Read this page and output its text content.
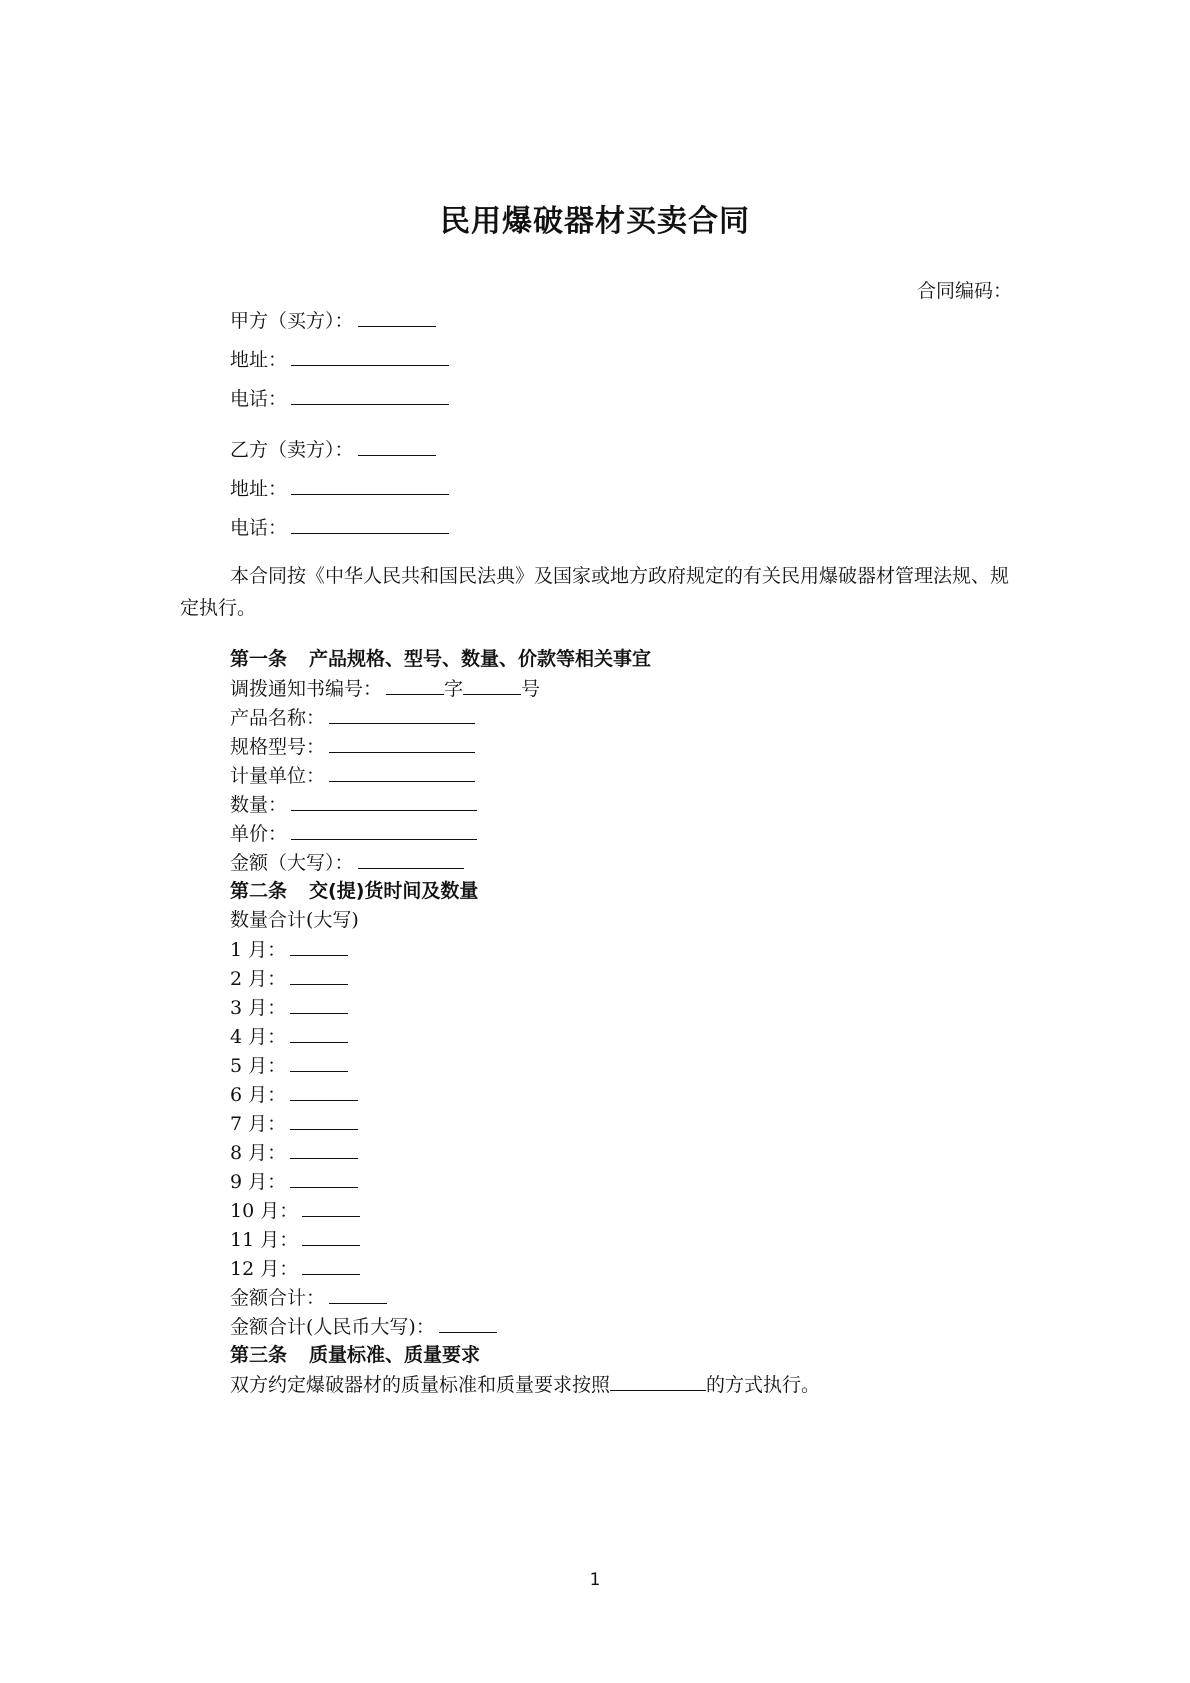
民用爆破器材买卖合同
合同编码：
甲方（买方）：
地址：
电话：
乙方（卖方）：
地址：
电话：
本合同按《中华人民共和国民法典》及国家或地方政府规定的有关民用爆破器材管理法规、规定执行。
第一条 产品规格、型号、数量、价款等相关事宜
调拨通知书编号：	字	号
产品名称：
规格型号：
计量单位：
数量：
单价：
金额（大写）：
第二条 交(提)货时间及数量
数量合计(大写)
1 月：
2 月：
3 月：
4 月：
5 月：
6 月：
7 月：
8 月：
9 月：
10 月：
11 月：
12 月：
金额合计：
金额合计(人民币大写)：
第三条 质量标准、质量要求
双方约定爆破器材的质量标准和质量要求按照	的方式执行。
1
